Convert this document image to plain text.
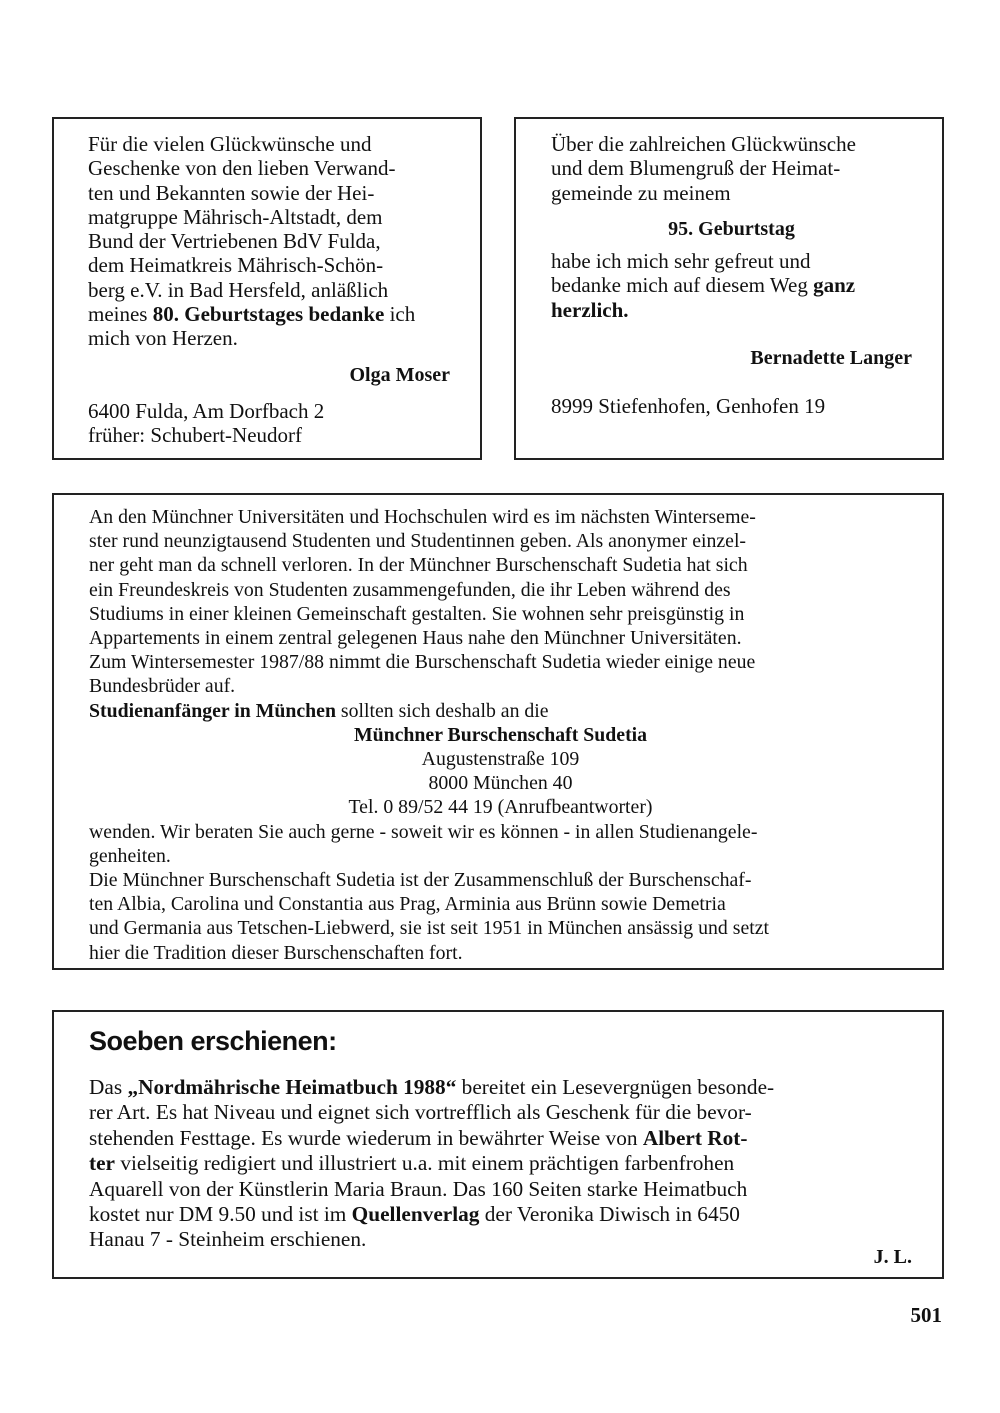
Für die vielen Glückwünsche und
Geschenke von den lieben Verwand-
ten und Bekannten sowie der Hei-
matgruppe Mährisch-Altstadt, dem
Bund der Vertriebenen BdV Fulda,
dem Heimatkreis Mährisch-Schön-
berg e.V. in Bad Hersfeld, anläßlich
meines 80. Geburtstages bedanke ich
mich von Herzen.

Olga Moser

6400 Fulda, Am Dorfbach 2
früher: Schubert-Neudorf

Über die zahlreichen Glückwünsche
und dem Blumengruß der Heimat-
gemeinde zu meinem

95. Geburtstag

habe ich mich sehr gefreut und
bedanke mich auf diesem Weg ganz
herzlich.

Bernadette Langer

8999 Stiefenhofen, Genhofen 19

An den Münchner Universitäten und Hochschulen wird es im nächsten Winterseme-
ster rund neunzigtausend Studenten und Studentinnen geben. Als anonymer einzel-
ner geht man da schnell verloren. In der Münchner Burschenschaft Sudetia hat sich
ein Freundeskreis von Studenten zusammengefunden, die ihr Leben während des
Studiums in einer kleinen Gemeinschaft gestalten. Sie wohnen sehr preisgünstig in
Appartements in einem zentral gelegenen Haus nahe den Münchner Universitäten.
Zum Wintersemester 1987/88 nimmt die Burschenschaft Sudetia wieder einige neue
Bundesbrüder auf.

Studienanfänger in München sollten sich deshalb an die

Münchner Burschenschaft Sudetia

Augustenstraße 109

8000 München 40

Tel. 0 89/52 44 19 (Anrufbeantworter)

wenden. Wir beraten Sie auch gerne - soweit wir es können - in allen Studienangele-
genheiten.

Die Münchner Burschenschaft Sudetia ist der Zusammenschluß der Burschenschaf-
ten Albia, Carolina und Constantia aus Prag, Arminia aus Brünn sowie Demetria
und Germania aus Tetschen-Liebwerd, sie ist seit 1951 in München ansässig und setzt
hier die Tradition dieser Burschenschaften fort.

Soeben erschienen:

Das „Nordmährische Heimatbuch 1988“ bereitet ein Lesevergnügen besonde-
rer Art. Es hat Niveau und eignet sich vortrefflich als Geschenk für die bevor-
stehenden Festtage. Es wurde wiederum in bewährter Weise von Albert Rot-
ter vielseitig redigiert und illustriert u.a. mit einem prächtigen farbenfrohen
Aquarell von der Künstlerin Maria Braun. Das 160 Seiten starke Heimatbuch
kostet nur DM 9.50 und ist im Quellenverlag der Veronika Diwisch in 6450
Hanau 7 - Steinheim erschienen.

J. L.

501
